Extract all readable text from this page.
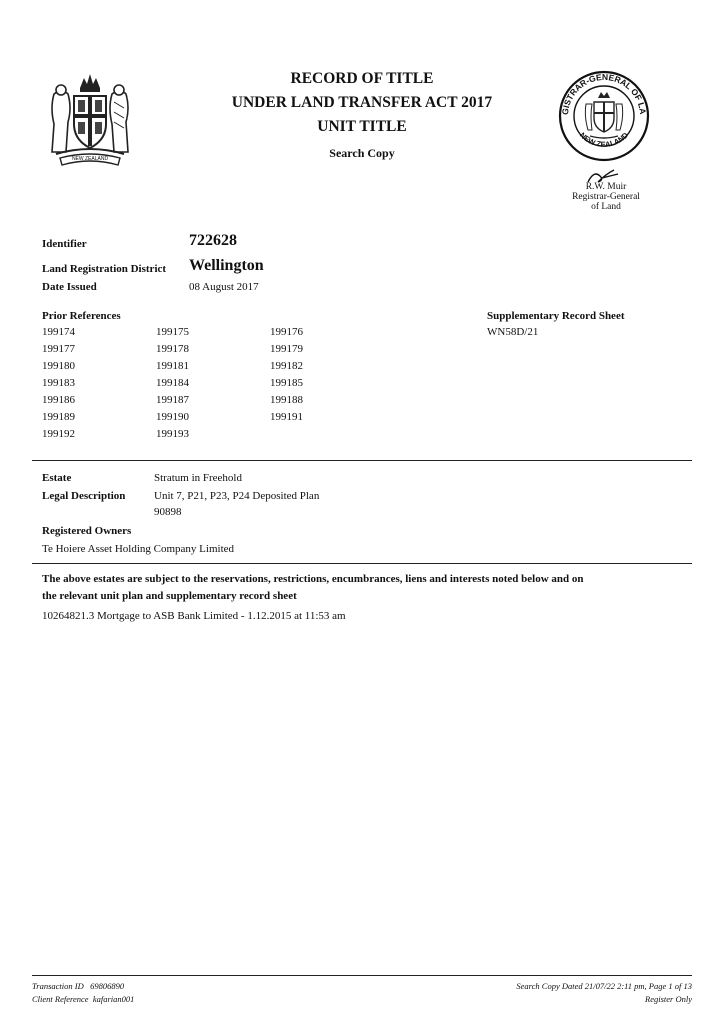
NEW ZEALAND
RECORD OF TITLE
UNDER LAND TRANSFER ACT 2017
UNIT TITLE
Search Copy
REGISTRAR-GENERAL OF LAND
NEW ZEALAND
R.W. Muir
Registrar-General
of Land
Identifier	722628
Land Registration District Wellington
Date Issued	08 August 2017
Prior References
199174	199175	199176
199177	199178	199179
199180	199181	199182
199183	199184	199185
199186	199187	199188
199189	199190	199191
199192	199193
Supplementary Record Sheet
WN58D/21
Estate	Stratum in Freehold
Legal Description	Unit 7, P21, P23, P24 Deposited Plan
90898
Registered Owners
Te Hoiere Asset Holding Company Limited
The above estates are subject to the reservations, restrictions, encumbrances, liens and interests noted below and on
the relevant unit plan and supplementary record sheet
10264821.3 Mortgage to ASB Bank Limited - 1.12.2015 at 11:53 am
Transaction ID 69806890
Client Reference kafarian001
Search Copy Dated 21/07/22 2:11 pm, Page 1 of 13
Register Only
